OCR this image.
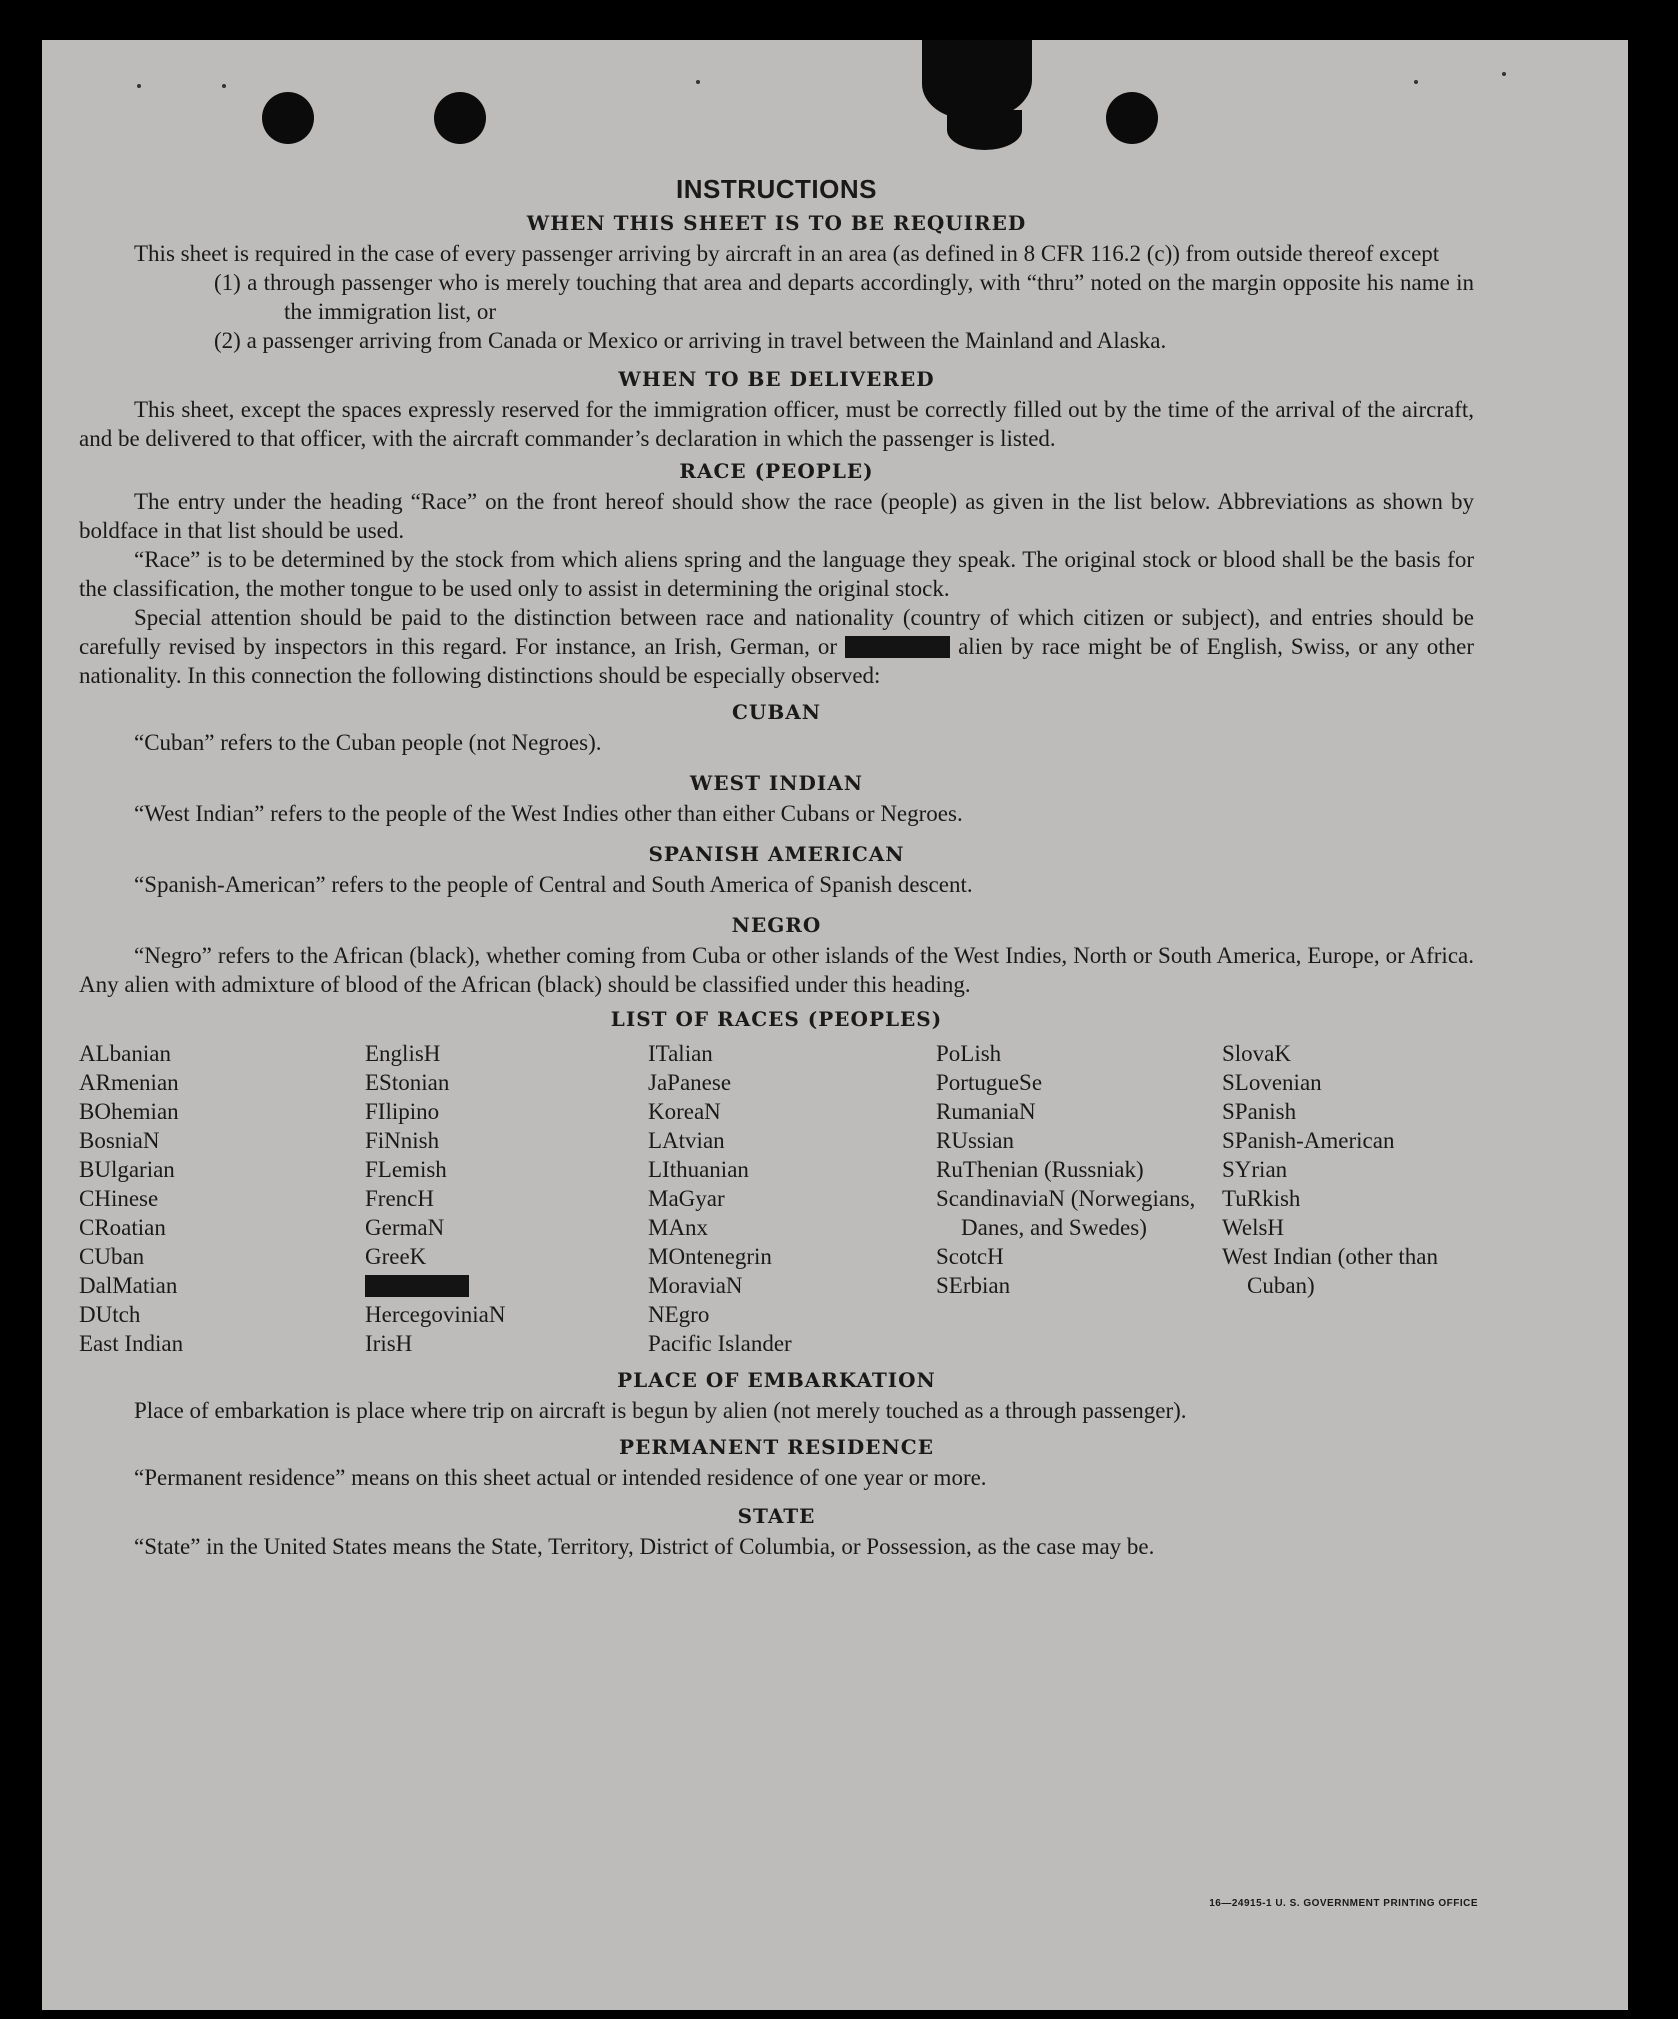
16—24915-1 U. S. GOVERNMENT PRINTING OFFICE
INSTRUCTIONS
WHEN THIS SHEET IS TO BE REQUIRED

This sheet is required in the case of every passenger arriving by aircraft in an area (as defined in 8 CFR 116.2 (c)) from outside thereof except

(1) a through passenger who is merely touching that area and departs accordingly, with “thru” noted on the margin opposite his name in the immigration list, or

(2) a passenger arriving from Canada or Mexico or arriving in travel between the Mainland and Alaska.

WHEN TO BE DELIVERED

This sheet, except the spaces expressly reserved for the immigration officer, must be correctly filled out by the time of the arrival of the aircraft, and be delivered to that officer, with the aircraft commander’s declaration in which the passenger is listed.

RACE (PEOPLE)

The entry under the heading “Race” on the front hereof should show the race (people) as given in the list below. Abbreviations as shown by boldface in that list should be used.

“Race” is to be determined by the stock from which aliens spring and the language they speak. The original stock or blood shall be the basis for the classification, the mother tongue to be used only to assist in determining the original stock.

Special attention should be paid to the distinction between race and nationality (country of which citizen or subject), and entries should be carefully revised by inspectors in this regard. For instance, an Irish, German, or	alien by race might be of English, Swiss, or any other nationality. In this connection the following distinctions should be especially observed:

CUBAN

“Cuban” refers to the Cuban people (not Negroes).

WEST INDIAN

“West Indian” refers to the people of the West Indies other than either Cubans or Negroes.

SPANISH AMERICAN

“Spanish-American” refers to the people of Central and South America of Spanish descent.

NEGRO

“Negro” refers to the African (black), whether coming from Cuba or other islands of the West Indies, North or South America, Europe, or Africa. Any alien with admixture of blood of the African (black) should be classified under this heading.

LIST OF RACES (PEOPLES)
ALbanian
ARmenian
BOhemian
BosniaN
BUlgarian
CHinese
CRoatian
CUban
DalMatian
DUtch
East Indian
EnglisH
EStonian
FIlipino
FiNnish
FLemish
FrencH
GermaN
GreeK
HercegoviniaN
IrisH
ITalian
JaPanese
KoreaN
LAtvian
LIthuanian
MaGyar
MAnx
MOntenegrin
MoraviaN
NEgro
Pacific Islander
PoLish
PortugueSe
RumaniaN
RUssian
RuThenian (Russniak)
ScandinaviaN (Norwegians, Danes, and Swedes)
ScotcH
SErbian
SlovaK
SLovenian
SPanish
SPanish-American
SYrian
TuRkish
WelsH
West Indian (other than Cuban)
PLACE OF EMBARKATION

Place of embarkation is place where trip on aircraft is begun by alien (not merely touched as a through passenger).

PERMANENT RESIDENCE

“Permanent residence” means on this sheet actual or intended residence of one year or more.

STATE

“State” in the United States means the State, Territory, District of Columbia, or Possession, as the case may be.
